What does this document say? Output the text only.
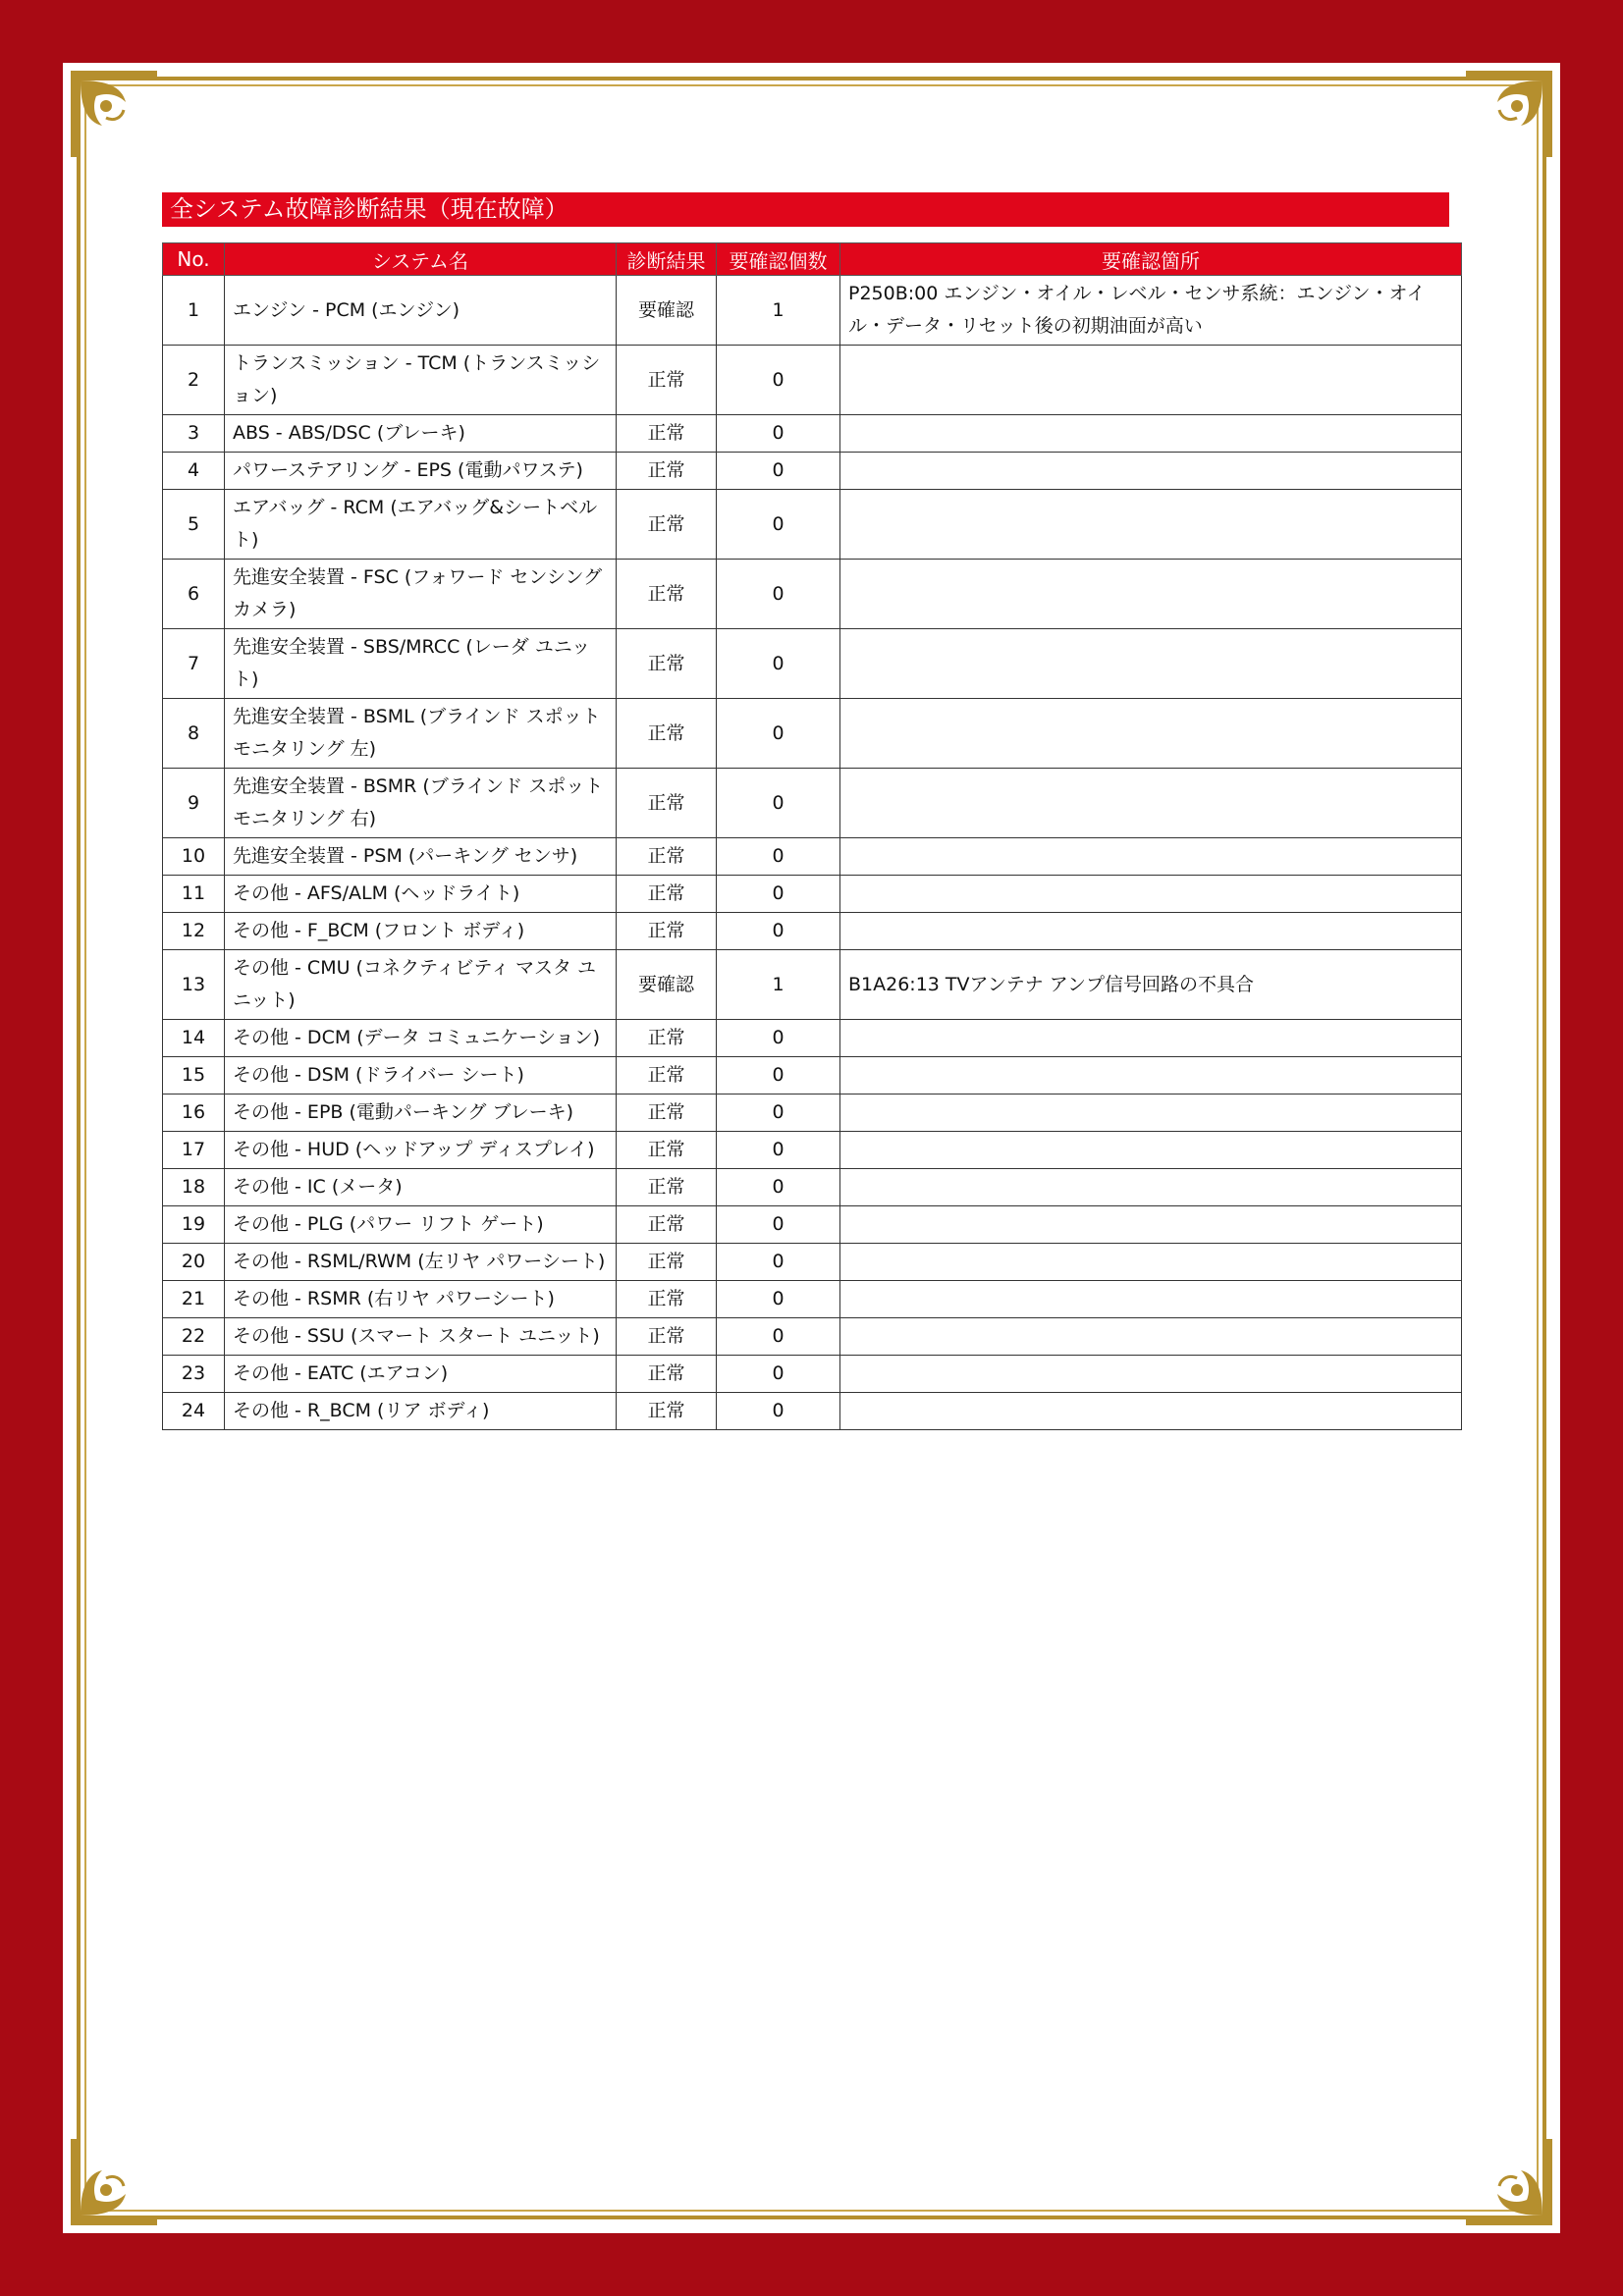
全システム故障診断結果（現在故障）
No.	システム名	診断結果	要確認個数	要確認箇所
1	エンジン - PCM (エンジン)	要確認	1	P250B:00 エンジン・オイル・レベル・センサ系統：エンジン・オイル・データ・リセット後の初期油面が高い
2	トランスミッション - TCM (トランスミッション)	正常	0	
3	ABS - ABS/DSC (ブレーキ)	正常	0	
4	パワーステアリング - EPS (電動パワステ)	正常	0	
5	エアバッグ - RCM (エアバッグ&シートベルト)	正常	0	
6	先進安全装置 - FSC (フォワード センシング カメラ)	正常	0	
7	先進安全装置 - SBS/MRCC (レーダ ユニット)	正常	0	
8	先進安全装置 - BSML (ブラインド スポット モニタリング 左)	正常	0	
9	先進安全装置 - BSMR (ブラインド スポット モニタリング 右)	正常	0	
10	先進安全装置 - PSM (パーキング センサ)	正常	0	
11	その他 - AFS/ALM (ヘッドライト)	正常	0	
12	その他 - F_BCM (フロント ボディ)	正常	0	
13	その他 - CMU (コネクティビティ マスタ ユニット)	要確認	1	B1A26:13 TVアンテナ アンプ信号回路の不具合
14	その他 - DCM (データ コミュニケーション)	正常	0	
15	その他 - DSM (ドライバー シート)	正常	0	
16	その他 - EPB (電動パーキング ブレーキ)	正常	0	
17	その他 - HUD (ヘッドアップ ディスプレイ)	正常	0	
18	その他 - IC (メータ)	正常	0	
19	その他 - PLG (パワー リフト ゲート)	正常	0	
20	その他 - RSML/RWM (左リヤ パワーシート)	正常	0	
21	その他 - RSMR (右リヤ パワーシート)	正常	0	
22	その他 - SSU (スマート スタート ユニット)	正常	0	
23	その他 - EATC (エアコン)	正常	0	
24	その他 - R_BCM (リア ボディ)	正常	0	
